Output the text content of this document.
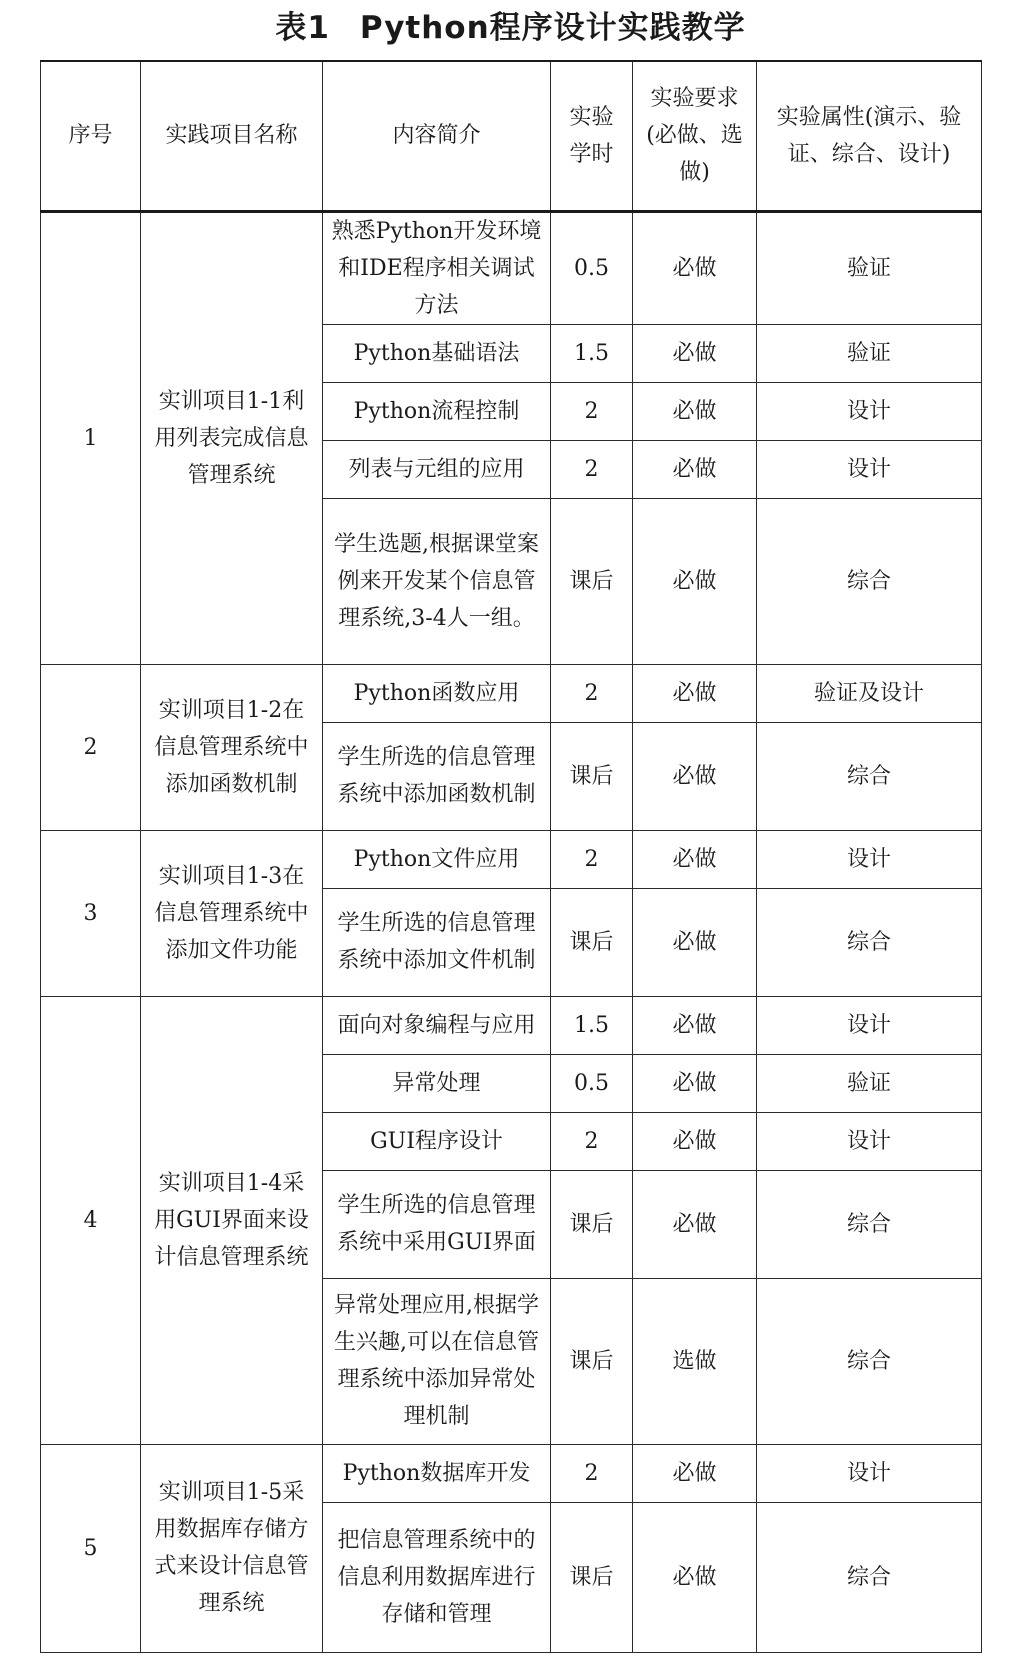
表1 Python程序设计实践教学
序号	实践项目名称	内容简介	实验学时	实验要求(必做、选做)	实验属性(演示、验证、综合、设计)
1	实训项目1-1利用列表完成信息管理系统	熟悉Python开发环境和IDE程序相关调试方法	0.5	必做	验证
		Python基础语法	1.5	必做	验证
		Python流程控制	2	必做	设计
		列表与元组的应用	2	必做	设计
		学生选题,根据课堂案例来开发某个信息管理系统,3-4人一组。	课后	必做	综合
2	实训项目1-2在信息管理系统中添加函数机制	Python函数应用	2	必做	验证及设计
		学生所选的信息管理系统中添加函数机制	课后	必做	综合
3	实训项目1-3在信息管理系统中添加文件功能	Python文件应用	2	必做	设计
		学生所选的信息管理系统中添加文件机制	课后	必做	综合
4	实训项目1-4采用GUI界面来设计信息管理系统	面向对象编程与应用	1.5	必做	设计
		异常处理	0.5	必做	验证
		GUI程序设计	2	必做	设计
		学生所选的信息管理系统中采用GUI界面	课后	必做	综合
		异常处理应用,根据学生兴趣,可以在信息管理系统中添加异常处理机制	课后	选做	综合
5	实训项目1-5采用数据库存储方式来设计信息管理系统	Python数据库开发	2	必做	设计
		把信息管理系统中的信息利用数据库进行存储和管理	课后	必做	综合
